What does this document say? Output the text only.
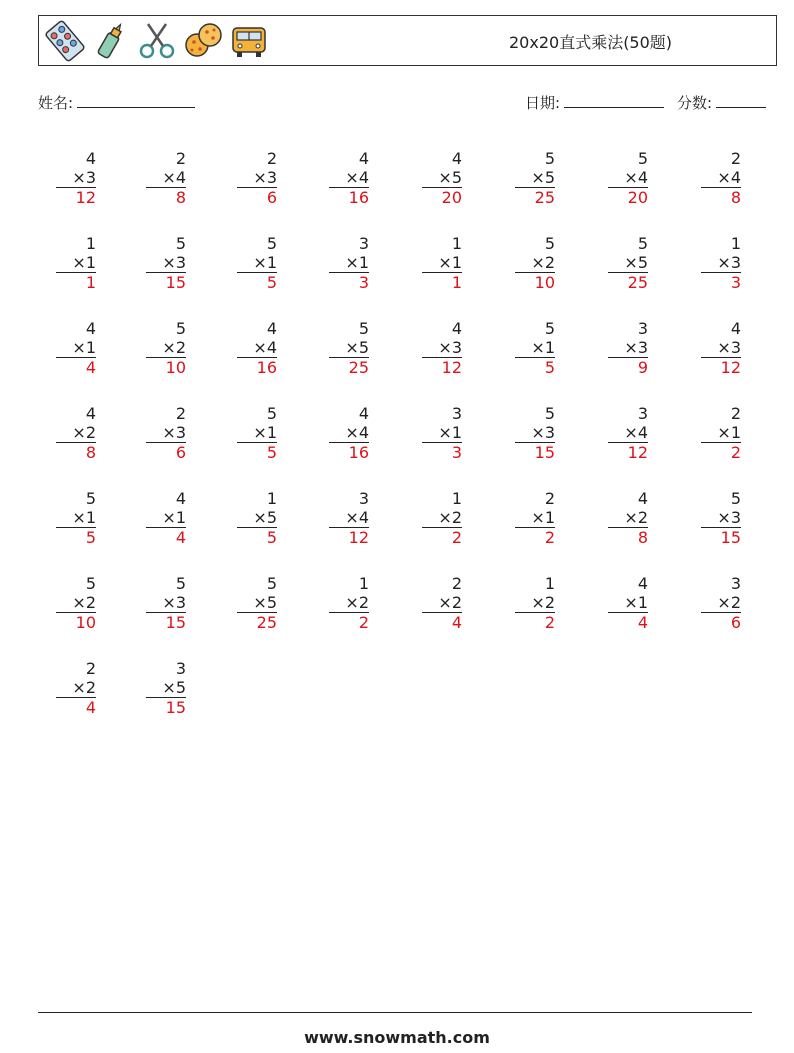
20x20直式乘法(50题)
姓名:	日期:	分数:
4
×3
12
2
×4
8
2
×3
6
4
×4
16
4
×5
20
5
×5
25
5
×4
20
2
×4
8
1
×1
1
5
×3
15
5
×1
5
3
×1
3
1
×1
1
5
×2
10
5
×5
25
1
×3
3
4
×1
4
5
×2
10
4
×4
16
5
×5
25
4
×3
12
5
×1
5
3
×3
9
4
×3
12
4
×2
8
2
×3
6
5
×1
5
4
×4
16
3
×1
3
5
×3
15
3
×4
12
2
×1
2
5
×1
5
4
×1
4
1
×5
5
3
×4
12
1
×2
2
2
×1
2
4
×2
8
5
×3
15
5
×2
10
5
×3
15
5
×5
25
1
×2
2
2
×2
4
1
×2
2
4
×1
4
3
×2
6
2
×2
4
3
×5
15
www.snowmath.com
